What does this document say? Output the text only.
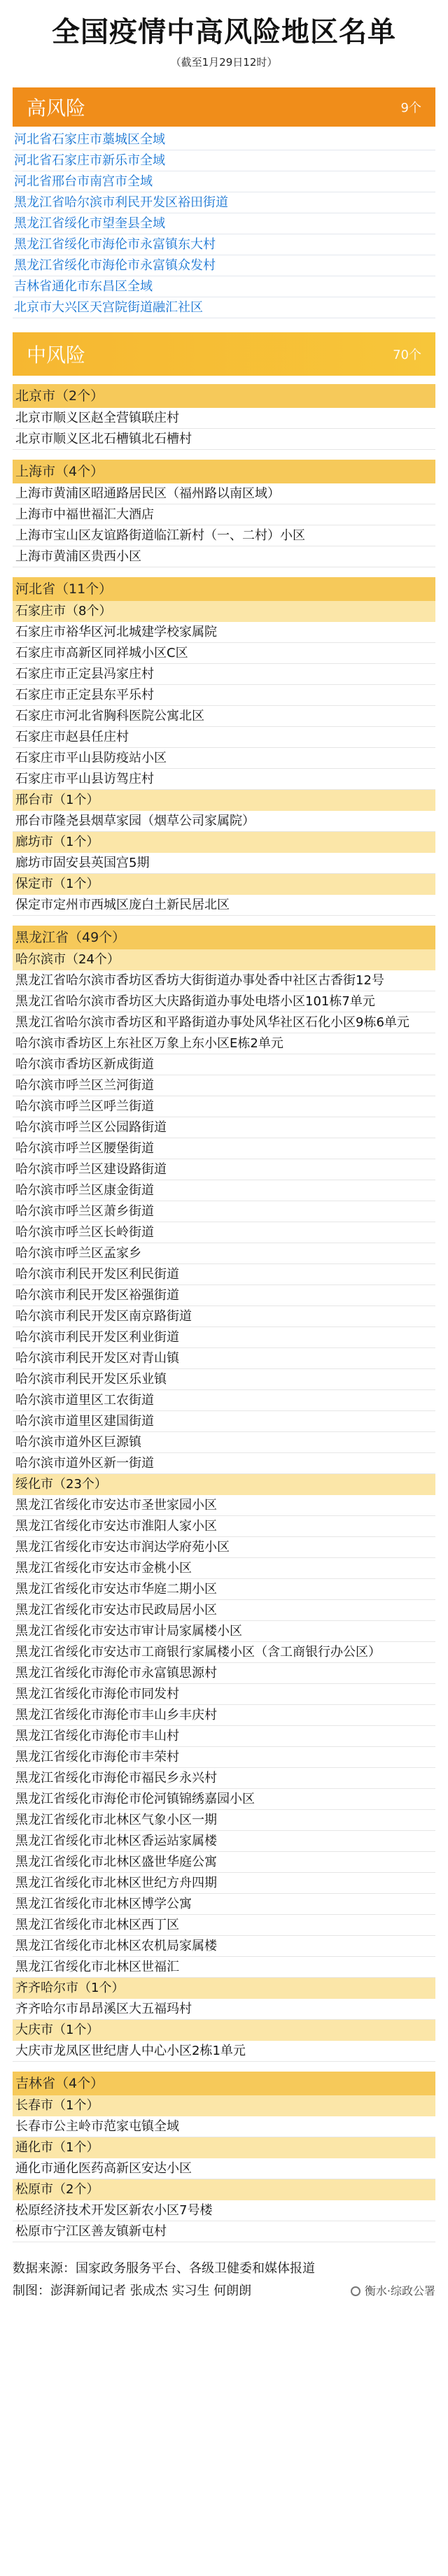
全国疫情中高风险地区名单
（截至1月29日12时）
高风险	9个
河北省石家庄市藁城区全域
河北省石家庄市新乐市全域
河北省邢台市南宫市全域
黑龙江省哈尔滨市利民开发区裕田街道
黑龙江省绥化市望奎县全域
黑龙江省绥化市海伦市永富镇东大村
黑龙江省绥化市海伦市永富镇众发村
吉林省通化市东昌区全域
北京市大兴区天宫院街道融汇社区
中风险	70个
北京市（2个）
北京市顺义区赵全营镇联庄村
北京市顺义区北石槽镇北石槽村
上海市（4个）
上海市黄浦区昭通路居民区（福州路以南区域）
上海市中福世福汇大酒店
上海市宝山区友谊路街道临江新村（一、二村）小区
上海市黄浦区贵西小区
河北省（11个）
石家庄市（8个）
石家庄市裕华区河北城建学校家属院
石家庄市高新区同祥城小区C区
石家庄市正定县冯家庄村
石家庄市正定县东平乐村
石家庄市河北省胸科医院公寓北区
石家庄市赵县任庄村
石家庄市平山县防疫站小区
石家庄市平山县访驾庄村
邢台市（1个）
邢台市隆尧县烟草家园（烟草公司家属院）
廊坊市（1个）
廊坊市固安县英国宫5期
保定市（1个）
保定市定州市西城区庞白土新民居北区
黑龙江省（49个）
哈尔滨市（24个）
黑龙江省哈尔滨市香坊区香坊大街街道办事处香中社区古香街12号
黑龙江省哈尔滨市香坊区大庆路街道办事处电塔小区101栋7单元
黑龙江省哈尔滨市香坊区和平路街道办事处风华社区石化小区9栋6单元
哈尔滨市香坊区上东社区万象上东小区E栋2单元
哈尔滨市香坊区新成街道
哈尔滨市呼兰区兰河街道
哈尔滨市呼兰区呼兰街道
哈尔滨市呼兰区公园路街道
哈尔滨市呼兰区腰堡街道
哈尔滨市呼兰区建设路街道
哈尔滨市呼兰区康金街道
哈尔滨市呼兰区萧乡街道
哈尔滨市呼兰区长岭街道
哈尔滨市呼兰区孟家乡
哈尔滨市利民开发区利民街道
哈尔滨市利民开发区裕强街道
哈尔滨市利民开发区南京路街道
哈尔滨市利民开发区利业街道
哈尔滨市利民开发区对青山镇
哈尔滨市利民开发区乐业镇
哈尔滨市道里区工农街道
哈尔滨市道里区建国街道
哈尔滨市道外区巨源镇
哈尔滨市道外区新一街道
绥化市（23个）
黑龙江省绥化市安达市圣世家园小区
黑龙江省绥化市安达市淮阳人家小区
黑龙江省绥化市安达市润达学府苑小区
黑龙江省绥化市安达市金桃小区
黑龙江省绥化市安达市华庭二期小区
黑龙江省绥化市安达市民政局居小区
黑龙江省绥化市安达市审计局家属楼小区
黑龙江省绥化市安达市工商银行家属楼小区（含工商银行办公区）
黑龙江省绥化市海伦市永富镇思源村
黑龙江省绥化市海伦市同发村
黑龙江省绥化市海伦市丰山乡丰庆村
黑龙江省绥化市海伦市丰山村
黑龙江省绥化市海伦市丰荣村
黑龙江省绥化市海伦市福民乡永兴村
黑龙江省绥化市海伦市伦河镇锦绣嘉园小区
黑龙江省绥化市北林区气象小区一期
黑龙江省绥化市北林区香运站家属楼
黑龙江省绥化市北林区盛世华庭公寓
黑龙江省绥化市北林区世纪方舟四期
黑龙江省绥化市北林区博学公寓
黑龙江省绥化市北林区西丁区
黑龙江省绥化市北林区农机局家属楼
黑龙江省绥化市北林区世福汇
齐齐哈尔市（1个）
齐齐哈尔市昂昂溪区大五福玛村
大庆市（1个）
大庆市龙凤区世纪唐人中心小区2栋1单元
吉林省（4个）
长春市（1个）
长春市公主岭市范家屯镇全域
通化市（1个）
通化市通化医药高新区安达小区
松原市（2个）
松原经济技术开发区新农小区7号楼
松原市宁江区善友镇新屯村
数据来源：国家政务服务平台、各级卫健委和媒体报道
制图：澎湃新闻记者 张成杰 实习生 何朗朗	衡水·综政公署
